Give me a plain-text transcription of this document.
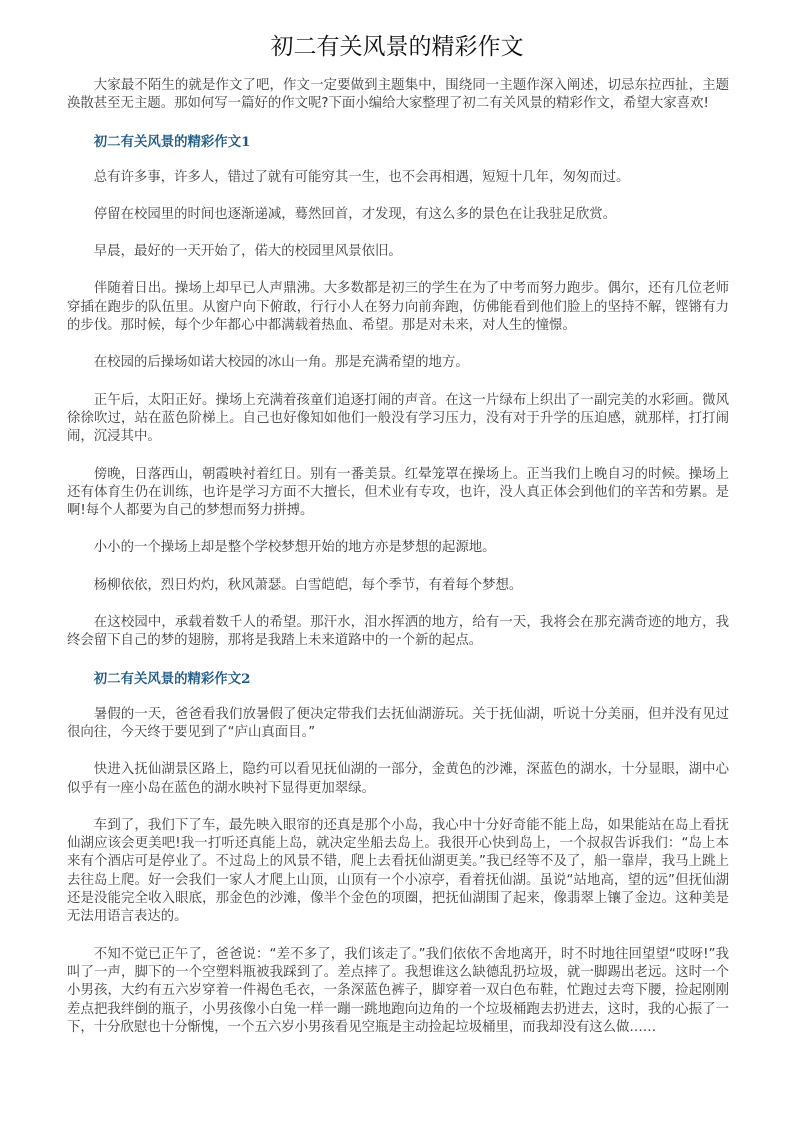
初二有关风景的精彩作文

大家最不陌生的就是作文了吧，作文一定要做到主题集中，围绕同一主题作深入阐述，切忌东拉西扯，主题涣散甚至无主题。那如何写一篇好的作文呢?下面小编给大家整理了初二有关风景的精彩作文，希望大家喜欢!

初二有关风景的精彩作文1

总有许多事，许多人，错过了就有可能穷其一生，也不会再相遇，短短十几年，匆匆而过。

停留在校园里的时间也逐渐递减，蓦然回首，才发现，有这么多的景色在让我驻足欣赏。

早晨，最好的一天开始了，偌大的校园里风景依旧。

伴随着日出。操场上却早已人声鼎沸。大多数都是初三的学生在为了中考而努力跑步。偶尔，还有几位老师穿插在跑步的队伍里。从窗户向下俯敢，行行小人在努力向前奔跑，仿佛能看到他们脸上的坚持不解，铿锵有力的步伐。那时候，每个少年都心中都满载着热血、希望。那是对未来，对人生的憧憬。

在校园的后操场如诺大校园的冰山一角。那是充满希望的地方。

正午后，太阳正好。操场上充满着孩童们追逐打闹的声音。在这一片绿布上织出了一副完美的水彩画。微风徐徐吹过，站在蓝色阶梯上。自己也好像知如他们一般没有学习压力，没有对于升学的压迫感，就那样，打打闹闹，沉浸其中。

傍晚，日落西山，朝霞映衬着红日。别有一番美景。红晕笼罩在操场上。正当我们上晚自习的时候。操场上还有体育生仍在训练，也许是学习方面不大擅长，但术业有专攻，也许，没人真正体会到他们的辛苦和劳累。是啊!每个人都要为自己的梦想而努力拼搏。

小小的一个操场上却是整个学校梦想开始的地方亦是梦想的起源地。

杨柳依依，烈日灼灼，秋风萧瑟。白雪皑皑，每个季节，有着每个梦想。

在这校园中，承载着数千人的希望。那汗水，泪水挥洒的地方，给有一天，我将会在那充满奇迹的地方，我终会留下自己的梦的翅膀，那将是我踏上未来道路中的一个新的起点。

初二有关风景的精彩作文2

暑假的一天，爸爸看我们放暑假了便决定带我们去抚仙湖游玩。关于抚仙湖，听说十分美丽，但并没有见过很向往，今天终于要见到了“庐山真面目。”

快进入抚仙湖景区路上，隐约可以看见抚仙湖的一部分，金黄色的沙滩，深蓝色的湖水，十分显眼，湖中心似乎有一座小岛在蓝色的湖水映衬下显得更加翠绿。

车到了，我们下了车，最先映入眼帘的还真是那个小岛，我心中十分好奇能不能上岛，如果能站在岛上看抚仙湖应该会更美吧!我一打听还真能上岛，就决定坐船去岛上。我很开心快到岛上，一个叔叔告诉我们：“岛上本来有个酒店可是停业了。不过岛上的风景不错，爬上去看抚仙湖更美。”我已经等不及了，船一靠岸，我马上跳上去往岛上爬。好一会我们一家人才爬上山顶，山顶有一个小凉亭，看着抚仙湖。虽说“站地高，望的远”但抚仙湖还是没能完全收入眼底，那金色的沙滩，像半个金色的项圈，把抚仙湖围了起来，像翡翠上镶了金边。这种美是无法用语言表达的。

不知不觉已正午了，爸爸说：“差不多了，我们该走了。”我们依依不舍地离开，时不时地往回望望“哎呀!”我叫了一声，脚下的一个空塑料瓶被我踩到了。差点摔了。我想谁这么缺德乱扔垃圾，就一脚踢出老远。这时一个小男孩，大约有五六岁穿着一件褐色毛衣，一条深蓝色裤子，脚穿着一双白色布鞋，忙跑过去弯下腰，捡起刚刚差点把我绊倒的瓶子，小男孩像小白兔一样一蹦一跳地跑向边角的一个垃圾桶跑去扔进去，这时，我的心振了一下，十分欣慰也十分惭愧，一个五六岁小男孩看见空瓶是主动捡起垃圾桶里，而我却没有这么做……
